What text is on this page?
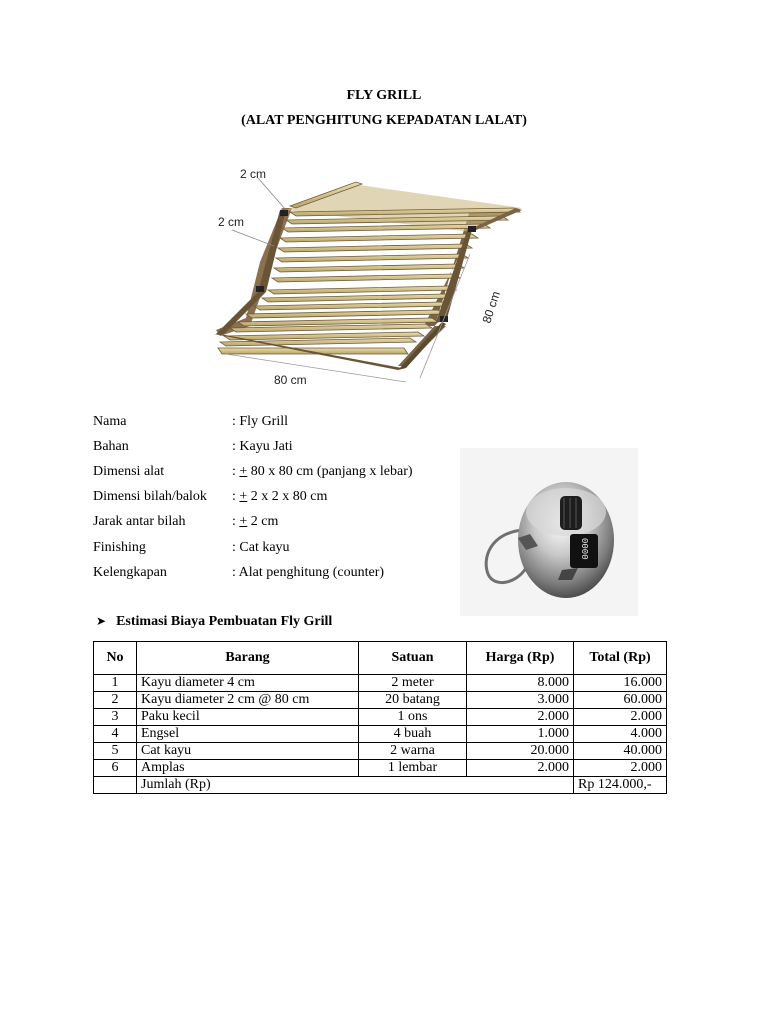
FLY GRILL
(ALAT PENGHITUNG KEPADATAN LALAT)
2 cm
2 cm
80 cm
80 cm
Nama	: Fly Grill
Bahan	: Kayu Jati
Dimensi alat	: + 80 x 80 cm (panjang x lebar)
Dimensi bilah/balok	: + 2 x 2 x 80 cm
Jarak antar bilah	: + 2 cm
Finishing	: Cat kayu
Kelengkapan	: Alat penghitung (counter)
0000
➤ Estimasi Biaya Pembuatan Fly Grill
No	Barang	Satuan	Harga (Rp)	Total (Rp)
1	Kayu diameter 4 cm	2 meter	8.000	16.000
2	Kayu diameter 2 cm @ 80 cm	20 batang	3.000	60.000
3	Paku kecil	1 ons	2.000	2.000
4	Engsel	4 buah	1.000	4.000
5	Cat kayu	2 warna	20.000	40.000
6	Amplas	1 lembar	2.000	2.000
	Jumlah (Rp)			Rp 124.000,-
